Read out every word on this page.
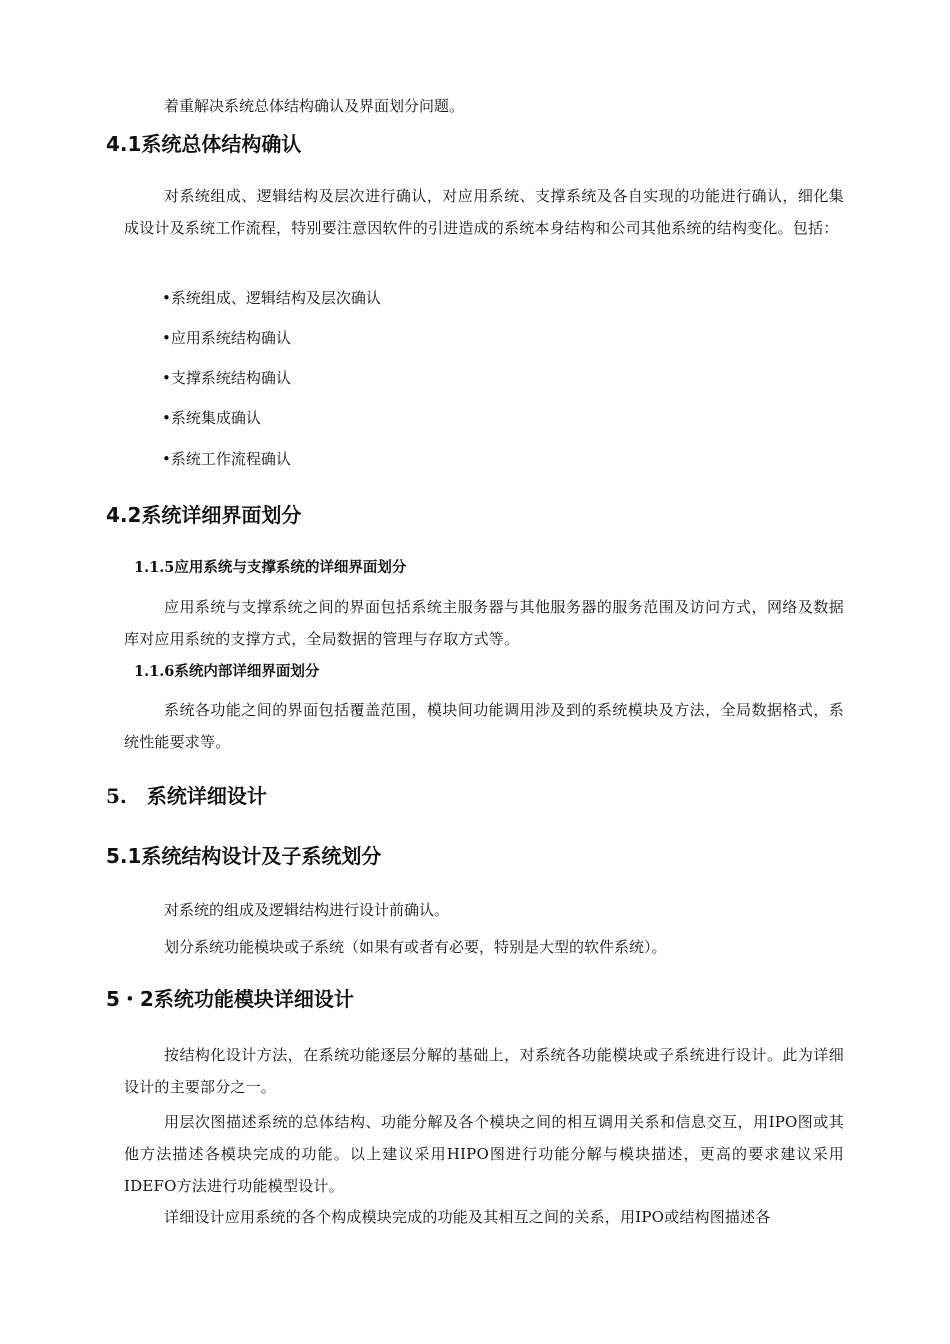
着重解决系统总体结构确认及界面划分问题。

4.1系统总体结构确认

对系统组成、逻辑结构及层次进行确认，对应用系统、支撑系统及各自实现的功能进行确认，细化集成设计及系统工作流程，特别要注意因软件的引进造成的系统本身结构和公司其他系统的结构变化。包括：

•系统组成、逻辑结构及层次确认
•应用系统结构确认
•支撑系统结构确认
•系统集成确认
•系统工作流程确认
4.2系统详细界面划分
1.1.5应用系统与支撑系统的详细界面划分

应用系统与支撑系统之间的界面包括系统主服务器与其他服务器的服务范围及访问方式，网络及数据库对应用系统的支撑方式，全局数据的管理与存取方式等。

1.1.6系统内部详细界面划分

系统各功能之间的界面包括覆盖范围，模块间功能调用涉及到的系统模块及方法，全局数据格式，系统性能要求等。

5.　系统详细设计
5.1系统结构设计及子系统划分

对系统的组成及逻辑结构进行设计前确认。

划分系统功能模块或子系统（如果有或者有必要，特别是大型的软件系统）。

5・2系统功能模块详细设计

按结构化设计方法，在系统功能逐层分解的基础上，对系统各功能模块或子系统进行设计。此为详细设计的主要部分之一。

用层次图描述系统的总体结构、功能分解及各个模块之间的相互调用关系和信息交互，用IPO图或其他方法描述各模块完成的功能。以上建议采用HIPO图进行功能分解与模块描述，更高的要求建议采用IDEFO方法进行功能模型设计。

详细设计应用系统的各个构成模块完成的功能及其相互之间的关系，用IPO或结构图描述各
